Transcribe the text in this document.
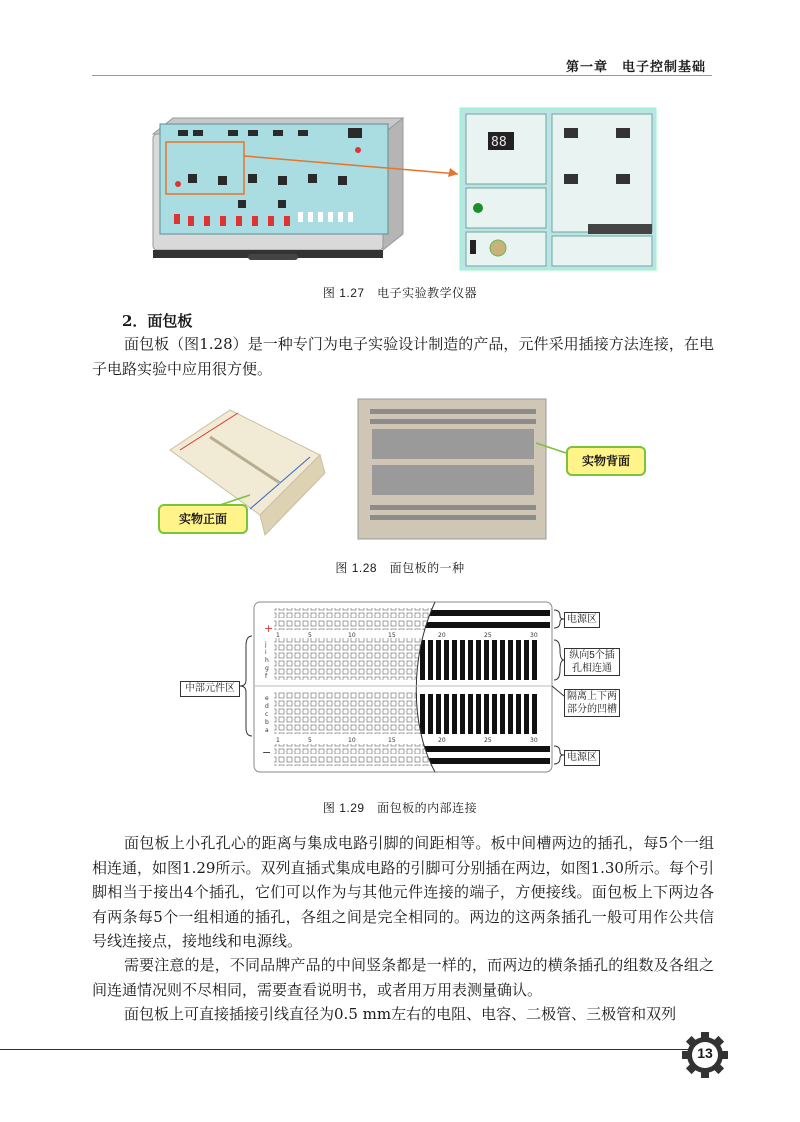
第一章　电子控制基础
88
图 1.27　电子实验教学仪器
2．面包板
面包板（图1.28）是一种专门为电子实验设计制造的产品，元件采用插接方法连接，在电子电路实验中应用很方便。
实物正面
实物背面
图 1.28　面包板的一种
+
−
j
i
h
g
f
e
d
c
b
a
1	5	10	15	20	25	30
1	5	10	15	20	25	30
电源区
纵向5个插孔相连通
隔离上下两部分的凹槽
电源区
中部元件区
图 1.29　面包板的内部连接
面包板上小孔孔心的距离与集成电路引脚的间距相等。板中间槽两边的插孔，每5个一组相连通，如图1.29所示。双列直插式集成电路的引脚可分别插在两边，如图1.30所示。每个引脚相当于接出4个插孔，它们可以作为与其他元件连接的端子，方便接线。面包板上下两边各有两条每5个一组相通的插孔，各组之间是完全相同的。两边的这两条插孔一般可用作公共信号线连接点，接地线和电源线。
需要注意的是，不同品牌产品的中间竖条都是一样的，而两边的横条插孔的组数及各组之间连通情况则不尽相同，需要查看说明书，或者用万用表测量确认。
面包板上可直接插接引线直径为0.5 mm左右的电阻、电容、二极管、三极管和双列
13
